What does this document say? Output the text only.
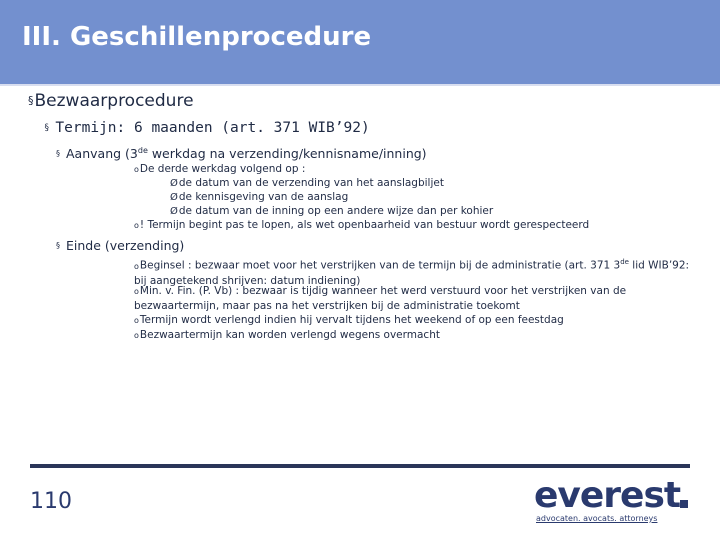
III. Geschillenprocedure
§Bezwaarprocedure
§ Termijn: 6 maanden (art. 371 WIB’92)
§ Aanvang (3de werkdag na verzending/kennisname/inning)
oDe derde werkdag volgend op :
Øde datum van de verzending van het aanslagbiljet
Øde kennisgeving van de aanslag
Øde datum van de inning op een andere wijze dan per kohier
o! Termijn begint pas te lopen, als wet openbaarheid van bestuur wordt gerespecteerd
§ Einde (verzending)
oBeginsel : bezwaar moet voor het verstrijken van de termijn bij de administratie (art. 371 3de lid WIB’92: bij aangetekend shrijven: datum indiening)
oMin. v. Fin. (P. Vb) : bezwaar is tijdig wanneer het werd verstuurd voor het verstrijken van de bezwaartermijn, maar pas na het verstrijken bij de administratie toekomt
oTermijn wordt verlengd indien hij vervalt tijdens het weekend of op een feestdag
oBezwaartermijn kan worden verlengd wegens overmacht
110	everest
advocaten. avocats. attorneys
